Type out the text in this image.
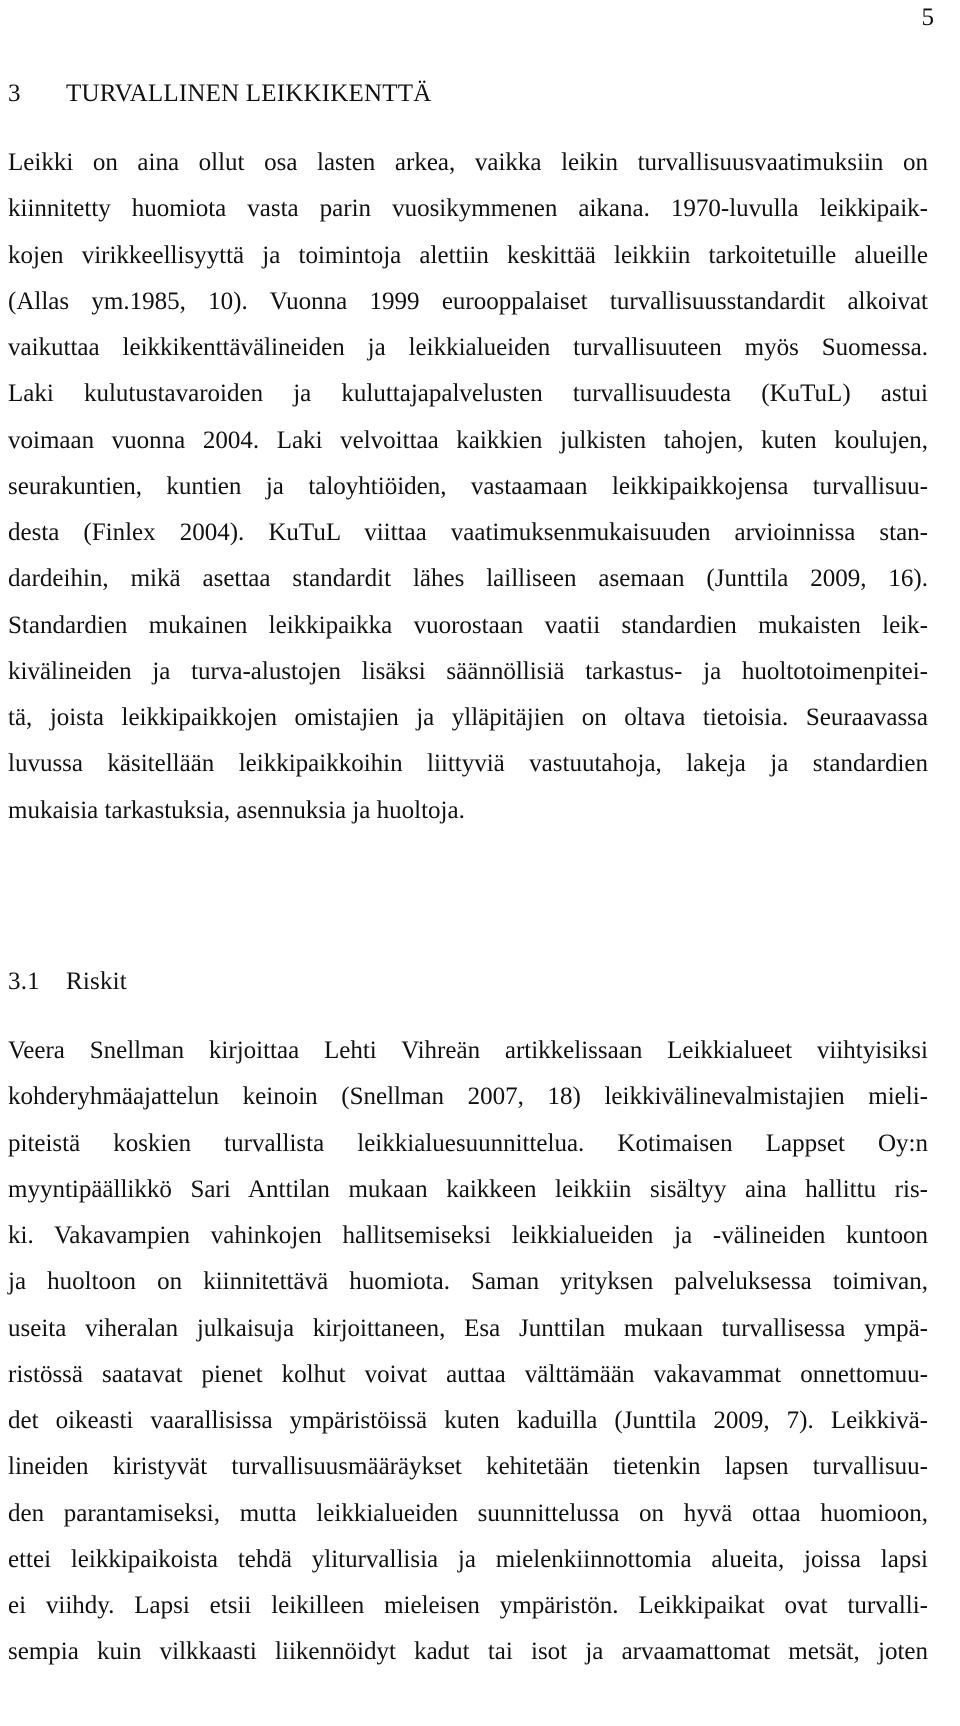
5
3 TURVALLINEN LEIKKIKENTTÄ
Leikki on aina ollut osa lasten arkea, vaikka leikin turvallisuusvaatimuksiin on
kiinnitetty huomiota vasta parin vuosikymmenen aikana. 1970-luvulla leikkipaik-
kojen virikkeellisyyttä ja toimintoja alettiin keskittää leikkiin tarkoitetuille alueille
(Allas ym.1985, 10). Vuonna 1999 eurooppalaiset turvallisuusstandardit alkoivat
vaikuttaa leikkikenttävälineiden ja leikkialueiden turvallisuuteen myös Suomessa.
Laki kulutustavaroiden ja kuluttajapalvelusten turvallisuudesta (KuTuL) astui
voimaan vuonna 2004. Laki velvoittaa kaikkien julkisten tahojen, kuten koulujen,
seurakuntien, kuntien ja taloyhtiöiden, vastaamaan leikkipaikkojensa turvallisuu-
desta (Finlex 2004). KuTuL viittaa vaatimuksenmukaisuuden arvioinnissa stan-
dardeihin, mikä asettaa standardit lähes lailliseen asemaan (Junttila 2009, 16).
Standardien mukainen leikkipaikka vuorostaan vaatii standardien mukaisten leik-
kivälineiden ja turva-alustojen lisäksi säännöllisiä tarkastus- ja huoltotoimenpitei-
tä, joista leikkipaikkojen omistajien ja ylläpitäjien on oltava tietoisia. Seuraavassa
luvussa käsitellään leikkipaikkoihin liittyviä vastuutahoja, lakeja ja standardien
mukaisia tarkastuksia, asennuksia ja huoltoja.
3.1 Riskit
Veera Snellman kirjoittaa Lehti Vihreän artikkelissaan Leikkialueet viihtyisiksi
kohderyhmäajattelun keinoin (Snellman 2007, 18) leikkivälinevalmistajien mieli-
piteistä koskien turvallista leikkialuesuunnittelua. Kotimaisen Lappset Oy:n
myyntipäällikkö Sari Anttilan mukaan kaikkeen leikkiin sisältyy aina hallittu ris-
ki. Vakavampien vahinkojen hallitsemiseksi leikkialueiden ja -välineiden kuntoon
ja huoltoon on kiinnitettävä huomiota. Saman yrityksen palveluksessa toimivan,
useita viheralan julkaisuja kirjoittaneen, Esa Junttilan mukaan turvallisessa ympä-
ristössä saatavat pienet kolhut voivat auttaa välttämään vakavammat onnettomuu-
det oikeasti vaarallisissa ympäristöissä kuten kaduilla (Junttila 2009, 7). Leikkivä-
lineiden kiristyvät turvallisuusmääräykset kehitetään tietenkin lapsen turvallisuu-
den parantamiseksi, mutta leikkialueiden suunnittelussa on hyvä ottaa huomioon,
ettei leikkipaikoista tehdä yliturvallisia ja mielenkiinnottomia alueita, joissa lapsi
ei viihdy. Lapsi etsii leikilleen mieleisen ympäristön. Leikkipaikat ovat turvalli-
sempia kuin vilkkaasti liikennöidyt kadut tai isot ja arvaamattomat metsät, joten
